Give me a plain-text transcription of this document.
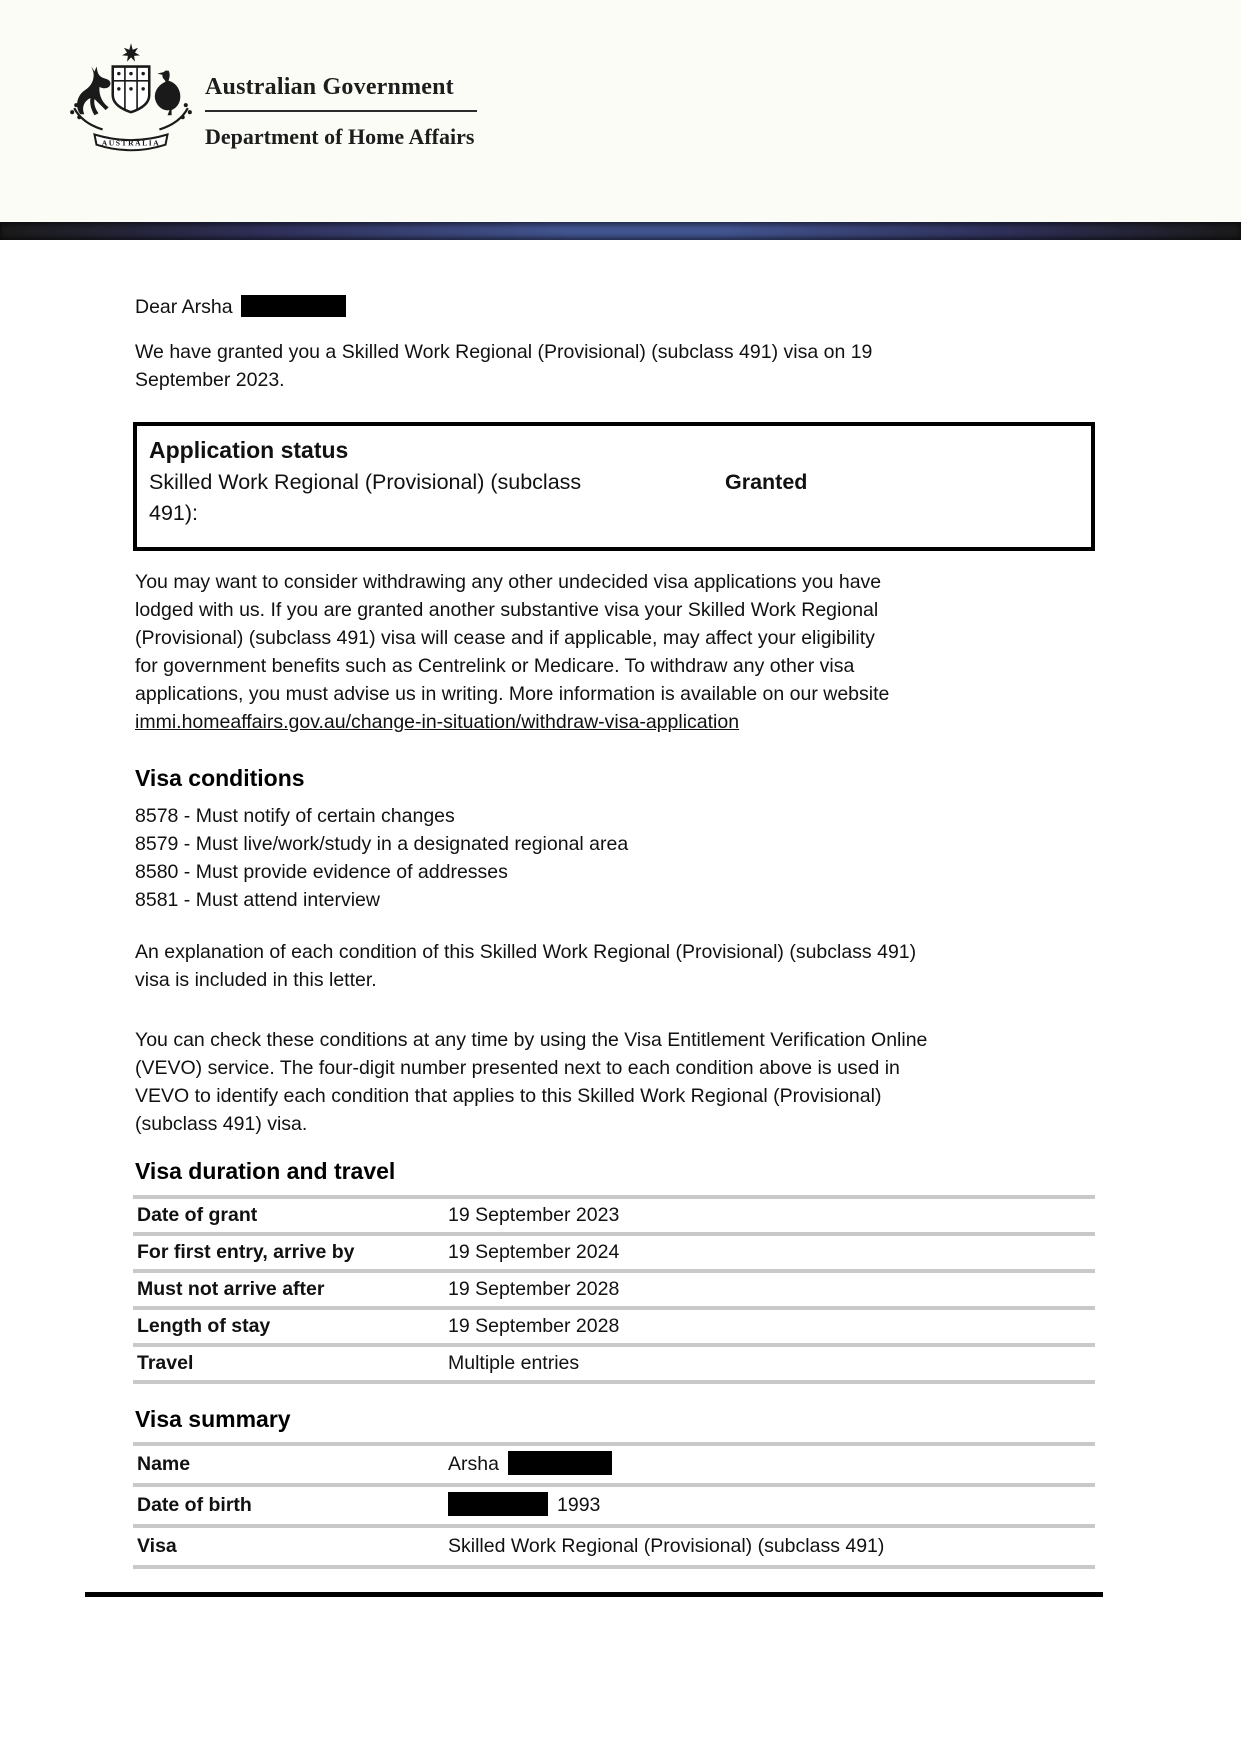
AUSTRALIA
Australian Government
Department of Home Affairs
Dear Arsha
We have granted you a Skilled Work Regional (Provisional) (subclass 491) visa on 19
September 2023.
Application status
Skilled Work Regional (Provisional) (subclass
491):
Granted
You may want to consider withdrawing any other undecided visa applications you have
lodged with us. If you are granted another substantive visa your Skilled Work Regional
(Provisional) (subclass 491) visa will cease and if applicable, may affect your eligibility
for government benefits such as Centrelink or Medicare. To withdraw any other visa
applications, you must advise us in writing. More information is available on our website
immi.homeaffairs.gov.au/change-in-situation/withdraw-visa-application
Visa conditions
8578 - Must notify of certain changes
8579 - Must live/work/study in a designated regional area
8580 - Must provide evidence of addresses
8581 - Must attend interview
An explanation of each condition of this Skilled Work Regional (Provisional) (subclass 491)
visa is included in this letter.
You can check these conditions at any time by using the Visa Entitlement Verification Online
(VEVO) service. The four-digit number presented next to each condition above is used in
VEVO to identify each condition that applies to this Skilled Work Regional (Provisional)
(subclass 491) visa.
Visa duration and travel
Date of grant	19 September 2023
For first entry, arrive by	19 September 2024
Must not arrive after	19 September 2028
Length of stay	19 September 2028
Travel	Multiple entries
Visa summary
Name	Arsha
Date of birth	1993
Visa	Skilled Work Regional (Provisional) (subclass 491)
